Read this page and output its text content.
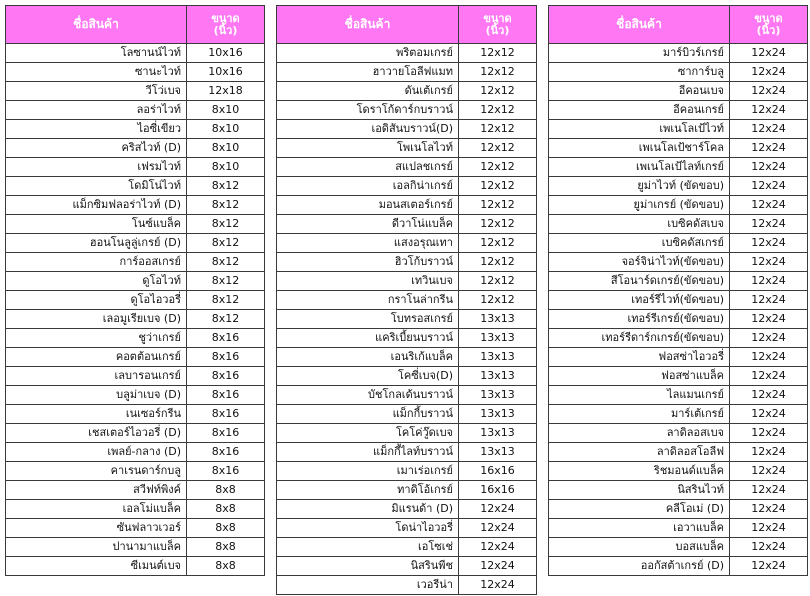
ชื่อสินค้า	ขนาด
(นิ้ว)
โลซานน์ไวท์	10x16
ซานะไวท์	10x16
วีโว่เบจ	12x18
ลอร่าไวท์	8x10
ไอซี่เขียว	8x10
คริสไวท์ (D)	8x10
เฟรมไวท์	8x10
โดมิโน่ไวท์	8x12
แม็กซิมฟลอร่าไวท์ (D)	8x12
โนซ์แบล็ค	8x12
ฮอนโนลูลู่เกรย์ (D)	8x12
การ์ออสเกรย์	8x12
ดูโอไวท์	8x12
ดูโอไอวอรี่	8x12
เลอมูเรียเบจ (D)	8x12
ชูว่าเกรย์	8x16
คอตต้อนเกรย์	8x16
เลบารอนเกรย์	8x16
บลูม่าเบจ (D)	8x16
เนเซอร์กรีน	8x16
เชสเตอร์ไอวอรี่ (D)	8x16
เพลย์-กลาง (D)	8x16
คาเรนดาร์กบลู	8x16
สวีฟท์พิงค์	8x8
เอลโม่แบล็ค	8x8
ซันฟลาวเวอร์	8x8
ปานามาแบล็ค	8x8
ซีเมนต์เบจ	8x8
ชื่อสินค้า	ขนาด
(นิ้ว)
พริตอมเกรย์	12x12
ฮาวายโอลีฟแมท	12x12
ดันเต้เกรย์	12x12
โดราโก้ดาร์กบราวน์	12x12
เอดิสันบราวน์(D)	12x12
โพเนโลไวท์	12x12
สแปลชเกรย์	12x12
เอลกิน่าเกรย์	12x12
มอนสเตอร์เกรย์	12x12
ดีวาโน่แบล็ค	12x12
แสงอรุณเทา	12x12
ฮิวโก้บราวน์	12x12
เทวินเบจ	12x12
กราโนล่ากรีน	12x12
โบทรอสเกรย์	13x13
แคริเบี้ยนบราวน์	13x13
เอนริเก้แบล็ค	13x13
โคซี่เบจ(D)	13x13
บัชโกลเด้นบราวน์	13x13
แม็กกี้บราวน์	13x13
โคโค่วู๊ดเบจ	13x13
แม็กกี้ไลท์บราวน์	13x13
เมาเร่อเกรย์	16x16
ทาดิโอ้เกรย์	16x16
มิแรนด้า (D)	12x24
โดน่าไอวอรี่	12x24
เอโซเช่	12x24
นิสรินพีช	12x24
เวอรีน่า	12x24
ชื่อสินค้า	ขนาด
(นิ้ว)
มาร์บิวร์เกรย์	12x24
ซาการ์บลู	12x24
อีคอนเบจ	12x24
อีคอนเกรย์	12x24
เพเนโลเป้ไวท์	12x24
เพเนโลเป้ชาร์โคล	12x24
เพเนโลเป้ไลท์เกรย์	12x24
ยูม่าไวท์ (ขัดขอบ)	12x24
ยูม่าเกรย์ (ขัดขอบ)	12x24
เบซิคดัสเบจ	12x24
เบซิคดัสเกรย์	12x24
จอร์จิน่าไวท์(ขัดขอบ)	12x24
สีโอนาร์ดเกรย์(ขัดขอบ)	12x24
เทอร์รีไวท์(ขัดขอบ)	12x24
เทอร์รีเกรย์(ขัดขอบ)	12x24
เทอร์รีดาร์กเกรย์(ขัดขอบ)	12x24
ฟอสซ่าไอวอรี่	12x24
ฟอสซ่าแบล็ค	12x24
ไลแมนเกรย์	12x24
มาร์เต้เกรย์	12x24
ลาดิลอสเบจ	12x24
ลาดิลอสโอลีฟ	12x24
ริชมอนด์แบล็ค	12x24
นิสรินไวท์	12x24
คลีโอเม่ (D)	12x24
เอวาแบล็ค	12x24
บอสแบล็ค	12x24
ออกัสต้าเกรย์ (D)	12x24
